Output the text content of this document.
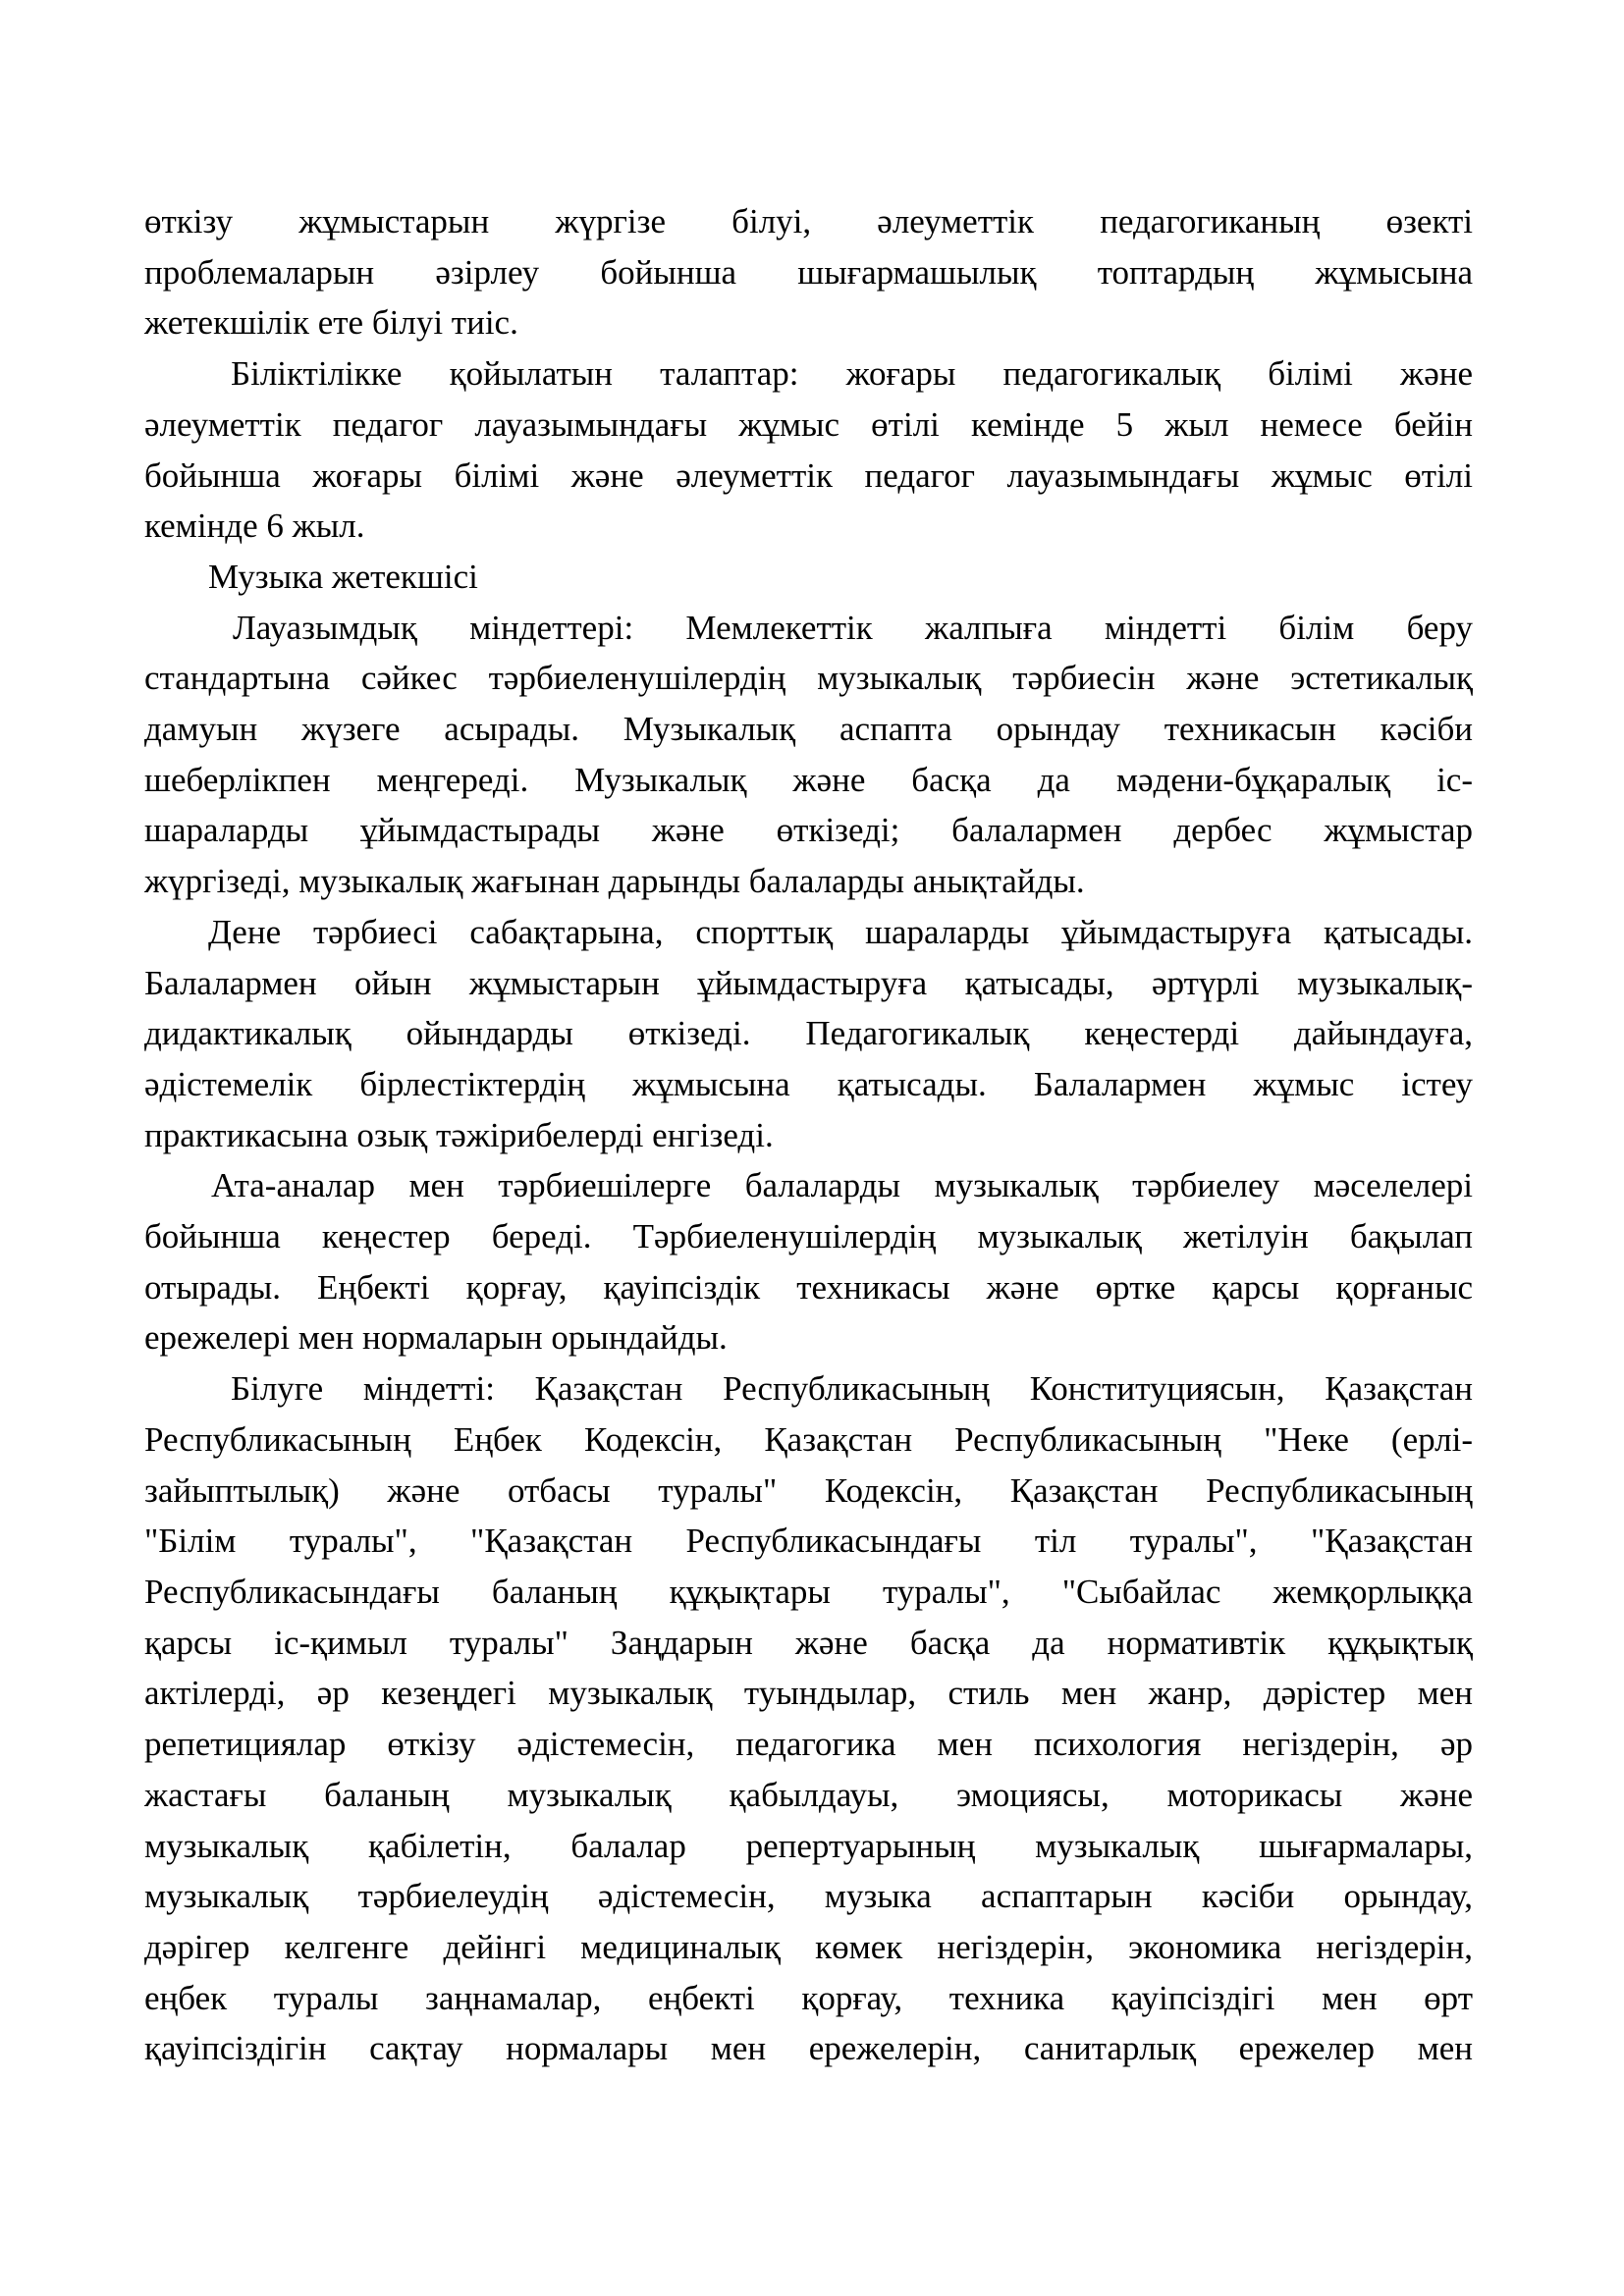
өткізу жұмыстарын жүргізе білуі, әлеуметтік педагогиканың өзекті
проблемаларын әзірлеу бойынша шығармашылық топтардың жұмысына
жетекшілік ете білуі тиіс.
Біліктілікке қойылатын талаптар: жоғары педагогикалық білімі және
әлеуметтік педагог лауазымындағы жұмыс өтілі кемінде 5 жыл немесе бейін
бойынша жоғары білімі және әлеуметтік педагог лауазымындағы жұмыс өтілі
кемінде 6 жыл.
Музыка жетекшісі
Лауазымдық міндеттері: Мемлекеттік жалпыға міндетті білім беру
стандартына сәйкес тәрбиеленушілердің музыкалық тәрбиесін және эстетикалық
дамуын жүзеге асырады. Музыкалық аспапта орындау техникасын кәсіби
шеберлікпен меңгереді. Музыкалық және басқа да мәдени-бұқаралық іс-
шараларды ұйымдастырады және өткізеді; балалармен дербес жұмыстар
жүргізеді, музыкалық жағынан дарынды балаларды анықтайды.
Дене тәрбиесі сабақтарына, спорттық шараларды ұйымдастыруға қатысады.
Балалармен ойын жұмыстарын ұйымдастыруға қатысады, әртүрлі музыкалық-
дидактикалық ойындарды өткізеді. Педагогикалық кеңестерді дайындауға,
әдістемелік бірлестіктердің жұмысына қатысады. Балалармен жұмыс істеу
практикасына озық тәжірибелерді енгізеді.
Ата-аналар мен тәрбиешілерге балаларды музыкалық тәрбиелеу мәселелері
бойынша кеңестер береді. Тәрбиеленушілердің музыкалық жетілуін бақылап
отырады. Еңбекті қорғау, қауіпсіздік техникасы және өртке қарсы қорғаныс
ережелері мен нормаларын орындайды.
Білуге міндетті: Қазақстан Республикасының Конституциясын, Қазақстан
Республикасының Еңбек Кодексін, Қазақстан Республикасының "Неке (ерлі-
зайыптылық) және отбасы туралы" Кодексін, Қазақстан Республикасының
"Білім туралы", "Қазақстан Республикасындағы тіл туралы", "Қазақстан
Республикасындағы баланың құқықтары туралы", "Сыбайлас жемқорлыққа
қарсы іс-қимыл туралы" Заңдарын және басқа да нормативтік құқықтық
актілерді, әр кезеңдегі музыкалық туындылар, стиль мен жанр, дәрістер мен
репетициялар өткізу әдістемесін, педагогика мен психология негіздерін, әр
жастағы баланың музыкалық қабылдауы, эмоциясы, моторикасы және
музыкалық қабілетін, балалар репертуарының музыкалық шығармалары,
музыкалық тәрбиелеудің әдістемесін, музыка аспаптарын кәсіби орындау,
дәрігер келгенге дейінгі медициналық көмек негіздерін, экономика негіздерін,
еңбек туралы заңнамалар, еңбекті қорғау, техника қауіпсіздігі мен өрт
қауіпсіздігін сақтау нормалары мен ережелерін, санитарлық ережелер мен
